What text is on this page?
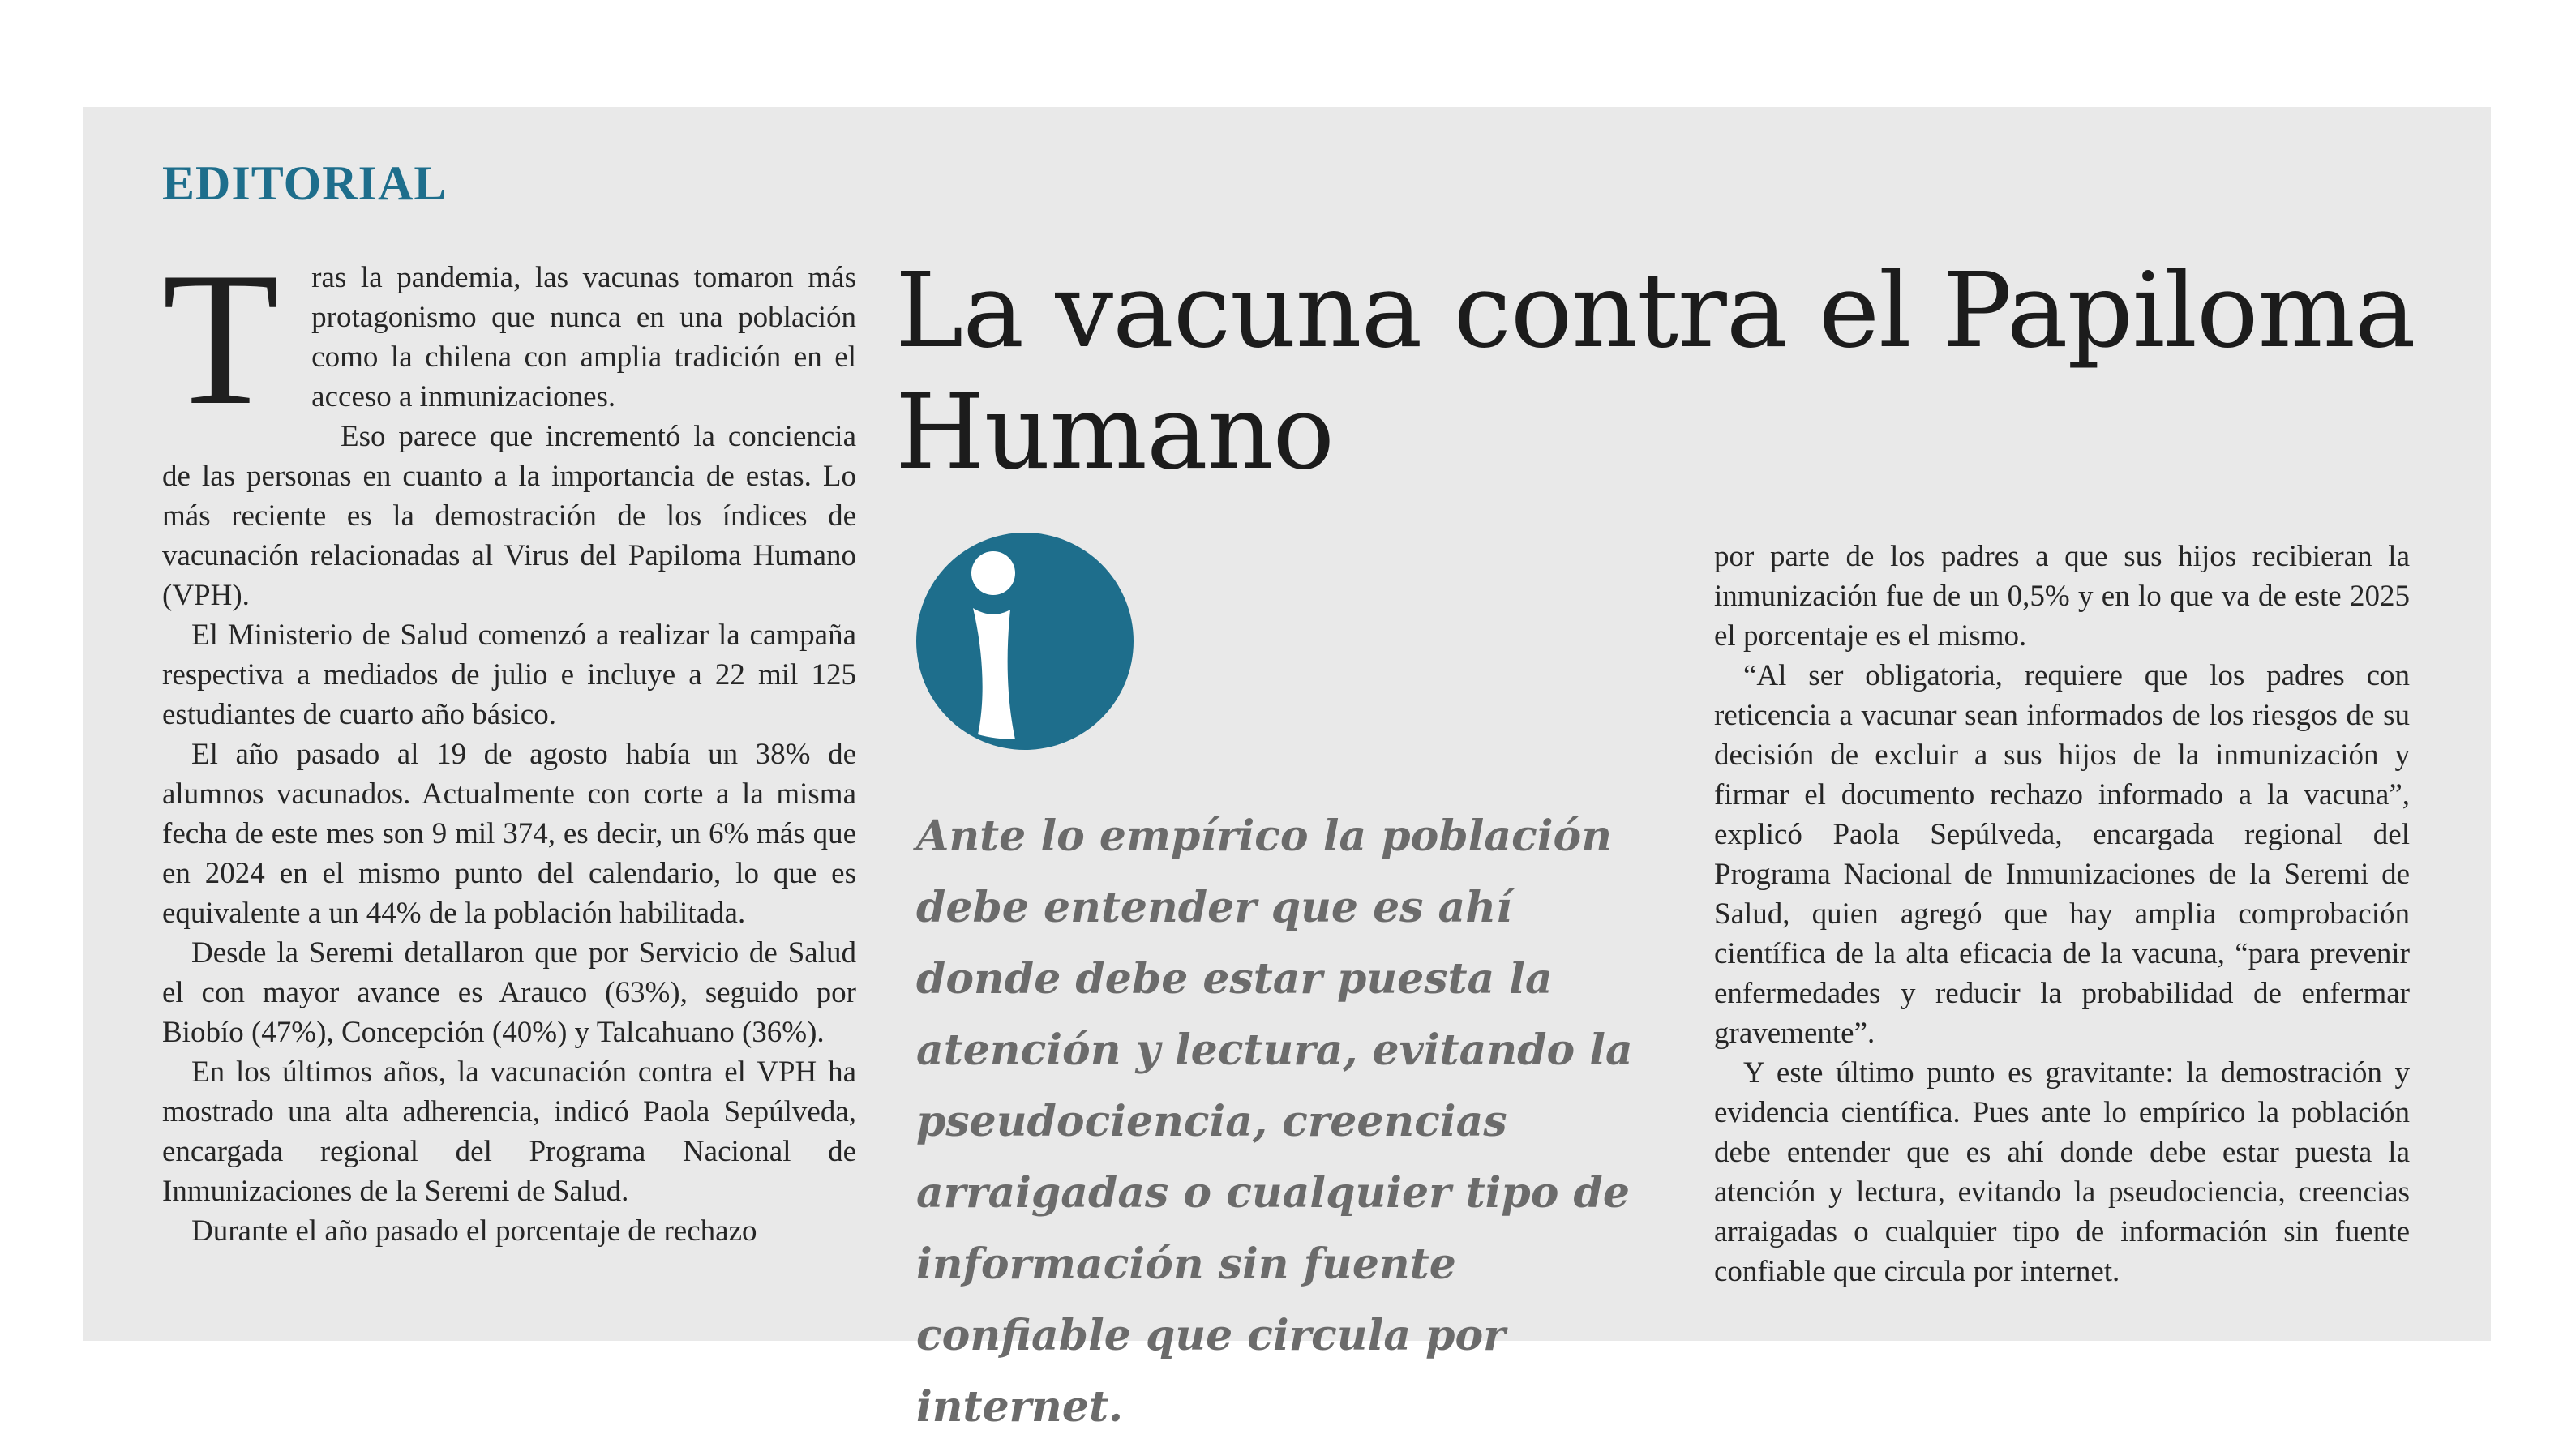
EDITORIAL

T ras la pandemia, las vacunas tomaron más protagonismo que nunca en una población como la chilena con amplia tradición en el acceso a inmunizaciones.

Eso parece que incrementó la conciencia de las personas en cuanto a la importancia de estas. Lo más reciente es la demostración de los índices de vacunación relacionadas al Virus del Papiloma Humano (VPH).

El Ministerio de Salud comenzó a realizar la campaña respectiva a mediados de julio e incluye a 22 mil 125 estudiantes de cuarto año básico.

El año pasado al 19 de agosto había un 38% de alumnos vacunados. Actualmente con corte a la misma fecha de este mes son 9 mil 374, es decir, un 6% más que en 2024 en el mismo punto del calendario, lo que es equivalente a un 44% de la población habilitada.

Desde la Seremi detallaron que por Servicio de Salud el con mayor avance es Arauco (63%), seguido por Biobío (47%), Concepción (40%) y Talcahuano (36%).

En los últimos años, la vacunación contra el VPH ha mostrado una alta adherencia, indicó Paola Sepúlveda, encargada regional del Programa Nacional de Inmunizaciones de la Seremi de Salud.

Durante el año pasado el porcentaje de rechazo

La vacuna contra el Papiloma Humano

Ante lo empírico la población debe entender que es ahí donde debe estar puesta la atención y lectura, evitando la pseudociencia, creencias arraigadas o cualquier tipo de información sin fuente confiable que circula por internet.

por parte de los padres a que sus hijos recibieran la inmunización fue de un 0,5% y en lo que va de este 2025 el porcentaje es el mismo.

“Al ser obligatoria, requiere que los padres con reticencia a vacunar sean informados de los riesgos de su decisión de excluir a sus hijos de la inmunización y firmar el documento rechazo informado a la vacuna”, explicó Paola Sepúlveda, encargada regional del Programa Nacional de Inmunizaciones de la Seremi de Salud, quien agregó que hay amplia comprobación científica de la alta eficacia de la vacuna, “para prevenir enfermedades y reducir la probabilidad de enfermar gravemente”.

Y este último punto es gravitante: la demostración y evidencia científica. Pues ante lo empírico la población debe entender que es ahí donde debe estar puesta la atención y lectura, evitando la pseudociencia, creencias arraigadas o cualquier tipo de información sin fuente confiable que circula por internet.
